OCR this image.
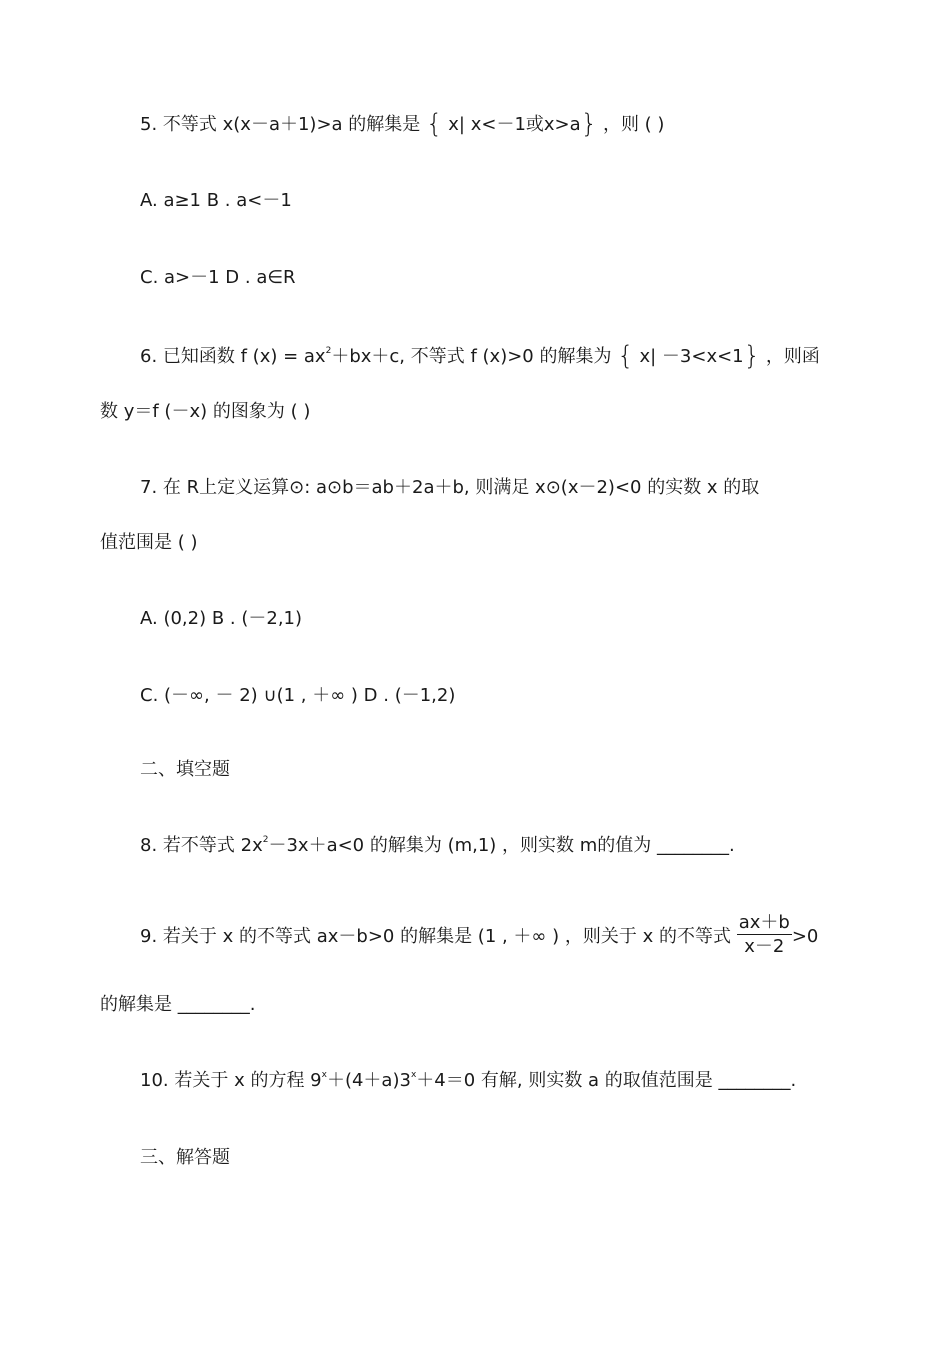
5. 不等式 x(x－a＋1)>a 的解集是 { x| x<－1或x>a} ，则 ( )
A. a≥1 B . a<－1
C. a>－1 D . a∈R
6. 已知函数 f $(x) = ax^2+bx+c$, 不等式 f (x)>0 的解集为 { x| －3<x<1} ，则函
数 y＝f (－x) 的图象为 ( )
7. 在 R上定义运算⊙: a⊙b＝ab＋2a＋b, 则满足 x⊙(x－2)<0 的实数 x 的取
值范围是 ( )
A. (0,2) B . (－2,1)
C. (－∞, － 2) ∪(1 , ＋∞ ) D . (－1,2)
二、填空题
8. 若不等式 $2x^2-3x+a<0$ 的解集为 (m,1) ，则实数 m的值为 ________.
9. 若关于 x 的不等式 ax－b>0 的解集是 (1 , ＋∞ ) ，则关于 x 的不等式 $\frac{ax+b}{x-2} >0$
的解集是 ________.
10. 若关于 x 的方程 $9^x+(4+a)3^x+4=0$ 有解, 则实数 a 的取值范围是 ________.
三、解答题
